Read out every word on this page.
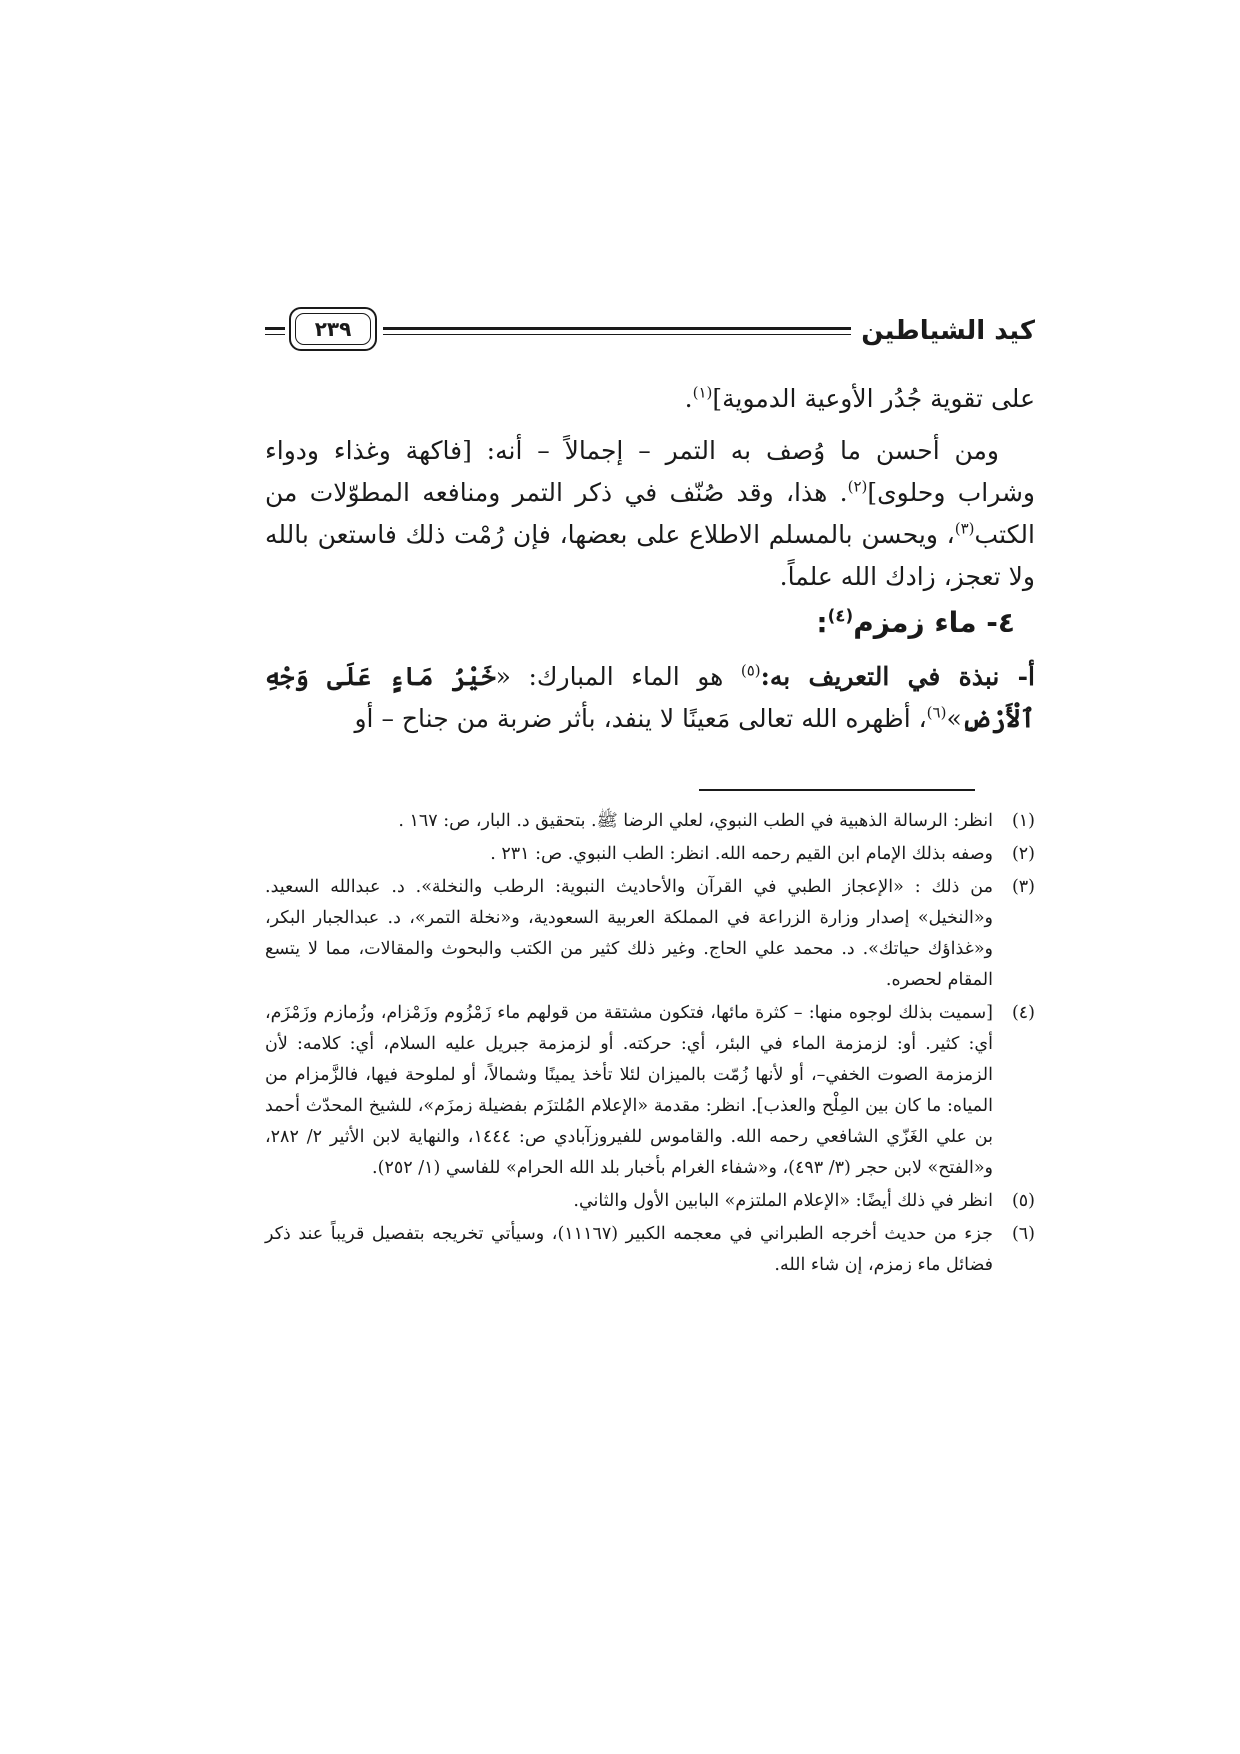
٢٣٩	كيد الشياطين

على تقوية جُدُر الأوعية الدموية]$^{(١)}$.

ومن أحسن ما وُصف به التمر – إجمالاً – أنه: [فاكهة وغذاء ودواء وشراب وحلوى]$^{(٢)}$. هذا، وقد صُنّف في ذكر التمر ومنافعه المطوّلات من الكتب$^{(٣)}$، ويحسن بالمسلم الاطلاع على بعضها، فإن رُمْت ذلك فاستعن بالله ولا تعجز، زادك الله علماً.

٤- ماء زمزم$^{(٤)}$:

أ- نبذة في التعريف به:$^{(٥)}$ هو الماء المبارك: «خَيْرُ مَاءٍ عَلَى وَجْهِ ٱلْأَرْضِ»$^{(٦)}$، أظهره الله تعالى مَعينًا لا ينفد، بأثر ضربة من جناح – أو

(١)
انظر: الرسالة الذهبية في الطب النبوي، لعلي الرضا ﷺ. بتحقيق د. البار، ص: ١٦٧ .
(٢)
وصفه بذلك الإمام ابن القيم رحمه الله. انظر: الطب النبوي. ص: ٢٣١ .
(٣)
من ذلك : «الإعجاز الطبي في القرآن والأحاديث النبوية: الرطب والنخلة». د. عبدالله السعيد. و«النخيل» إصدار وزارة الزراعة في المملكة العربية السعودية، و«نخلة التمر»، د. عبدالجبار البكر، و«غذاؤك حياتك». د. محمد علي الحاج. وغير ذلك كثير من الكتب والبحوث والمقالات، مما لا يتسع المقام لحصره.
(٤)
[سميت بذلك لوجوه منها: – كثرة مائها، فتكون مشتقة من قولهم ماء زَمْزُوم وزَمْزام، وزُمازم وزَمْزَم، أي: كثير. أو: لزمزمة الماء في البئر، أي: حركته. أو لزمزمة جبريل عليه السلام، أي: كلامه: لأن الزمزمة الصوت الخفي–، أو لأنها زُمّت بالميزان لئلا تأخذ يمينًا وشمالاً، أو لملوحة فيها، فالزَّمزام من المياه: ما كان بين المِلْح والعذب]. انظر: مقدمة «الإعلام المُلتزَم بفضيلة زمزَم»، للشيخ المحدّث أحمد بن علي الغَزّي الشافعي رحمه الله. والقاموس للفيروزآبادي ص: ١٤٤٤، والنهاية لابن الأثير ٢/ ٢٨٢، و«الفتح» لابن حجر (٣/ ٤٩٣)، و«شفاء الغرام بأخبار بلد الله الحرام» للفاسي (١/ ٢٥٢).
(٥)
انظر في ذلك أيضًا: «الإعلام الملتزم» البابين الأول والثاني.
(٦)
جزء من حديث أخرجه الطبراني في معجمه الكبير (١١١٦٧)، وسيأتي تخريجه بتفصيل قريباً عند ذكر فضائل ماء زمزم، إن شاء الله.
